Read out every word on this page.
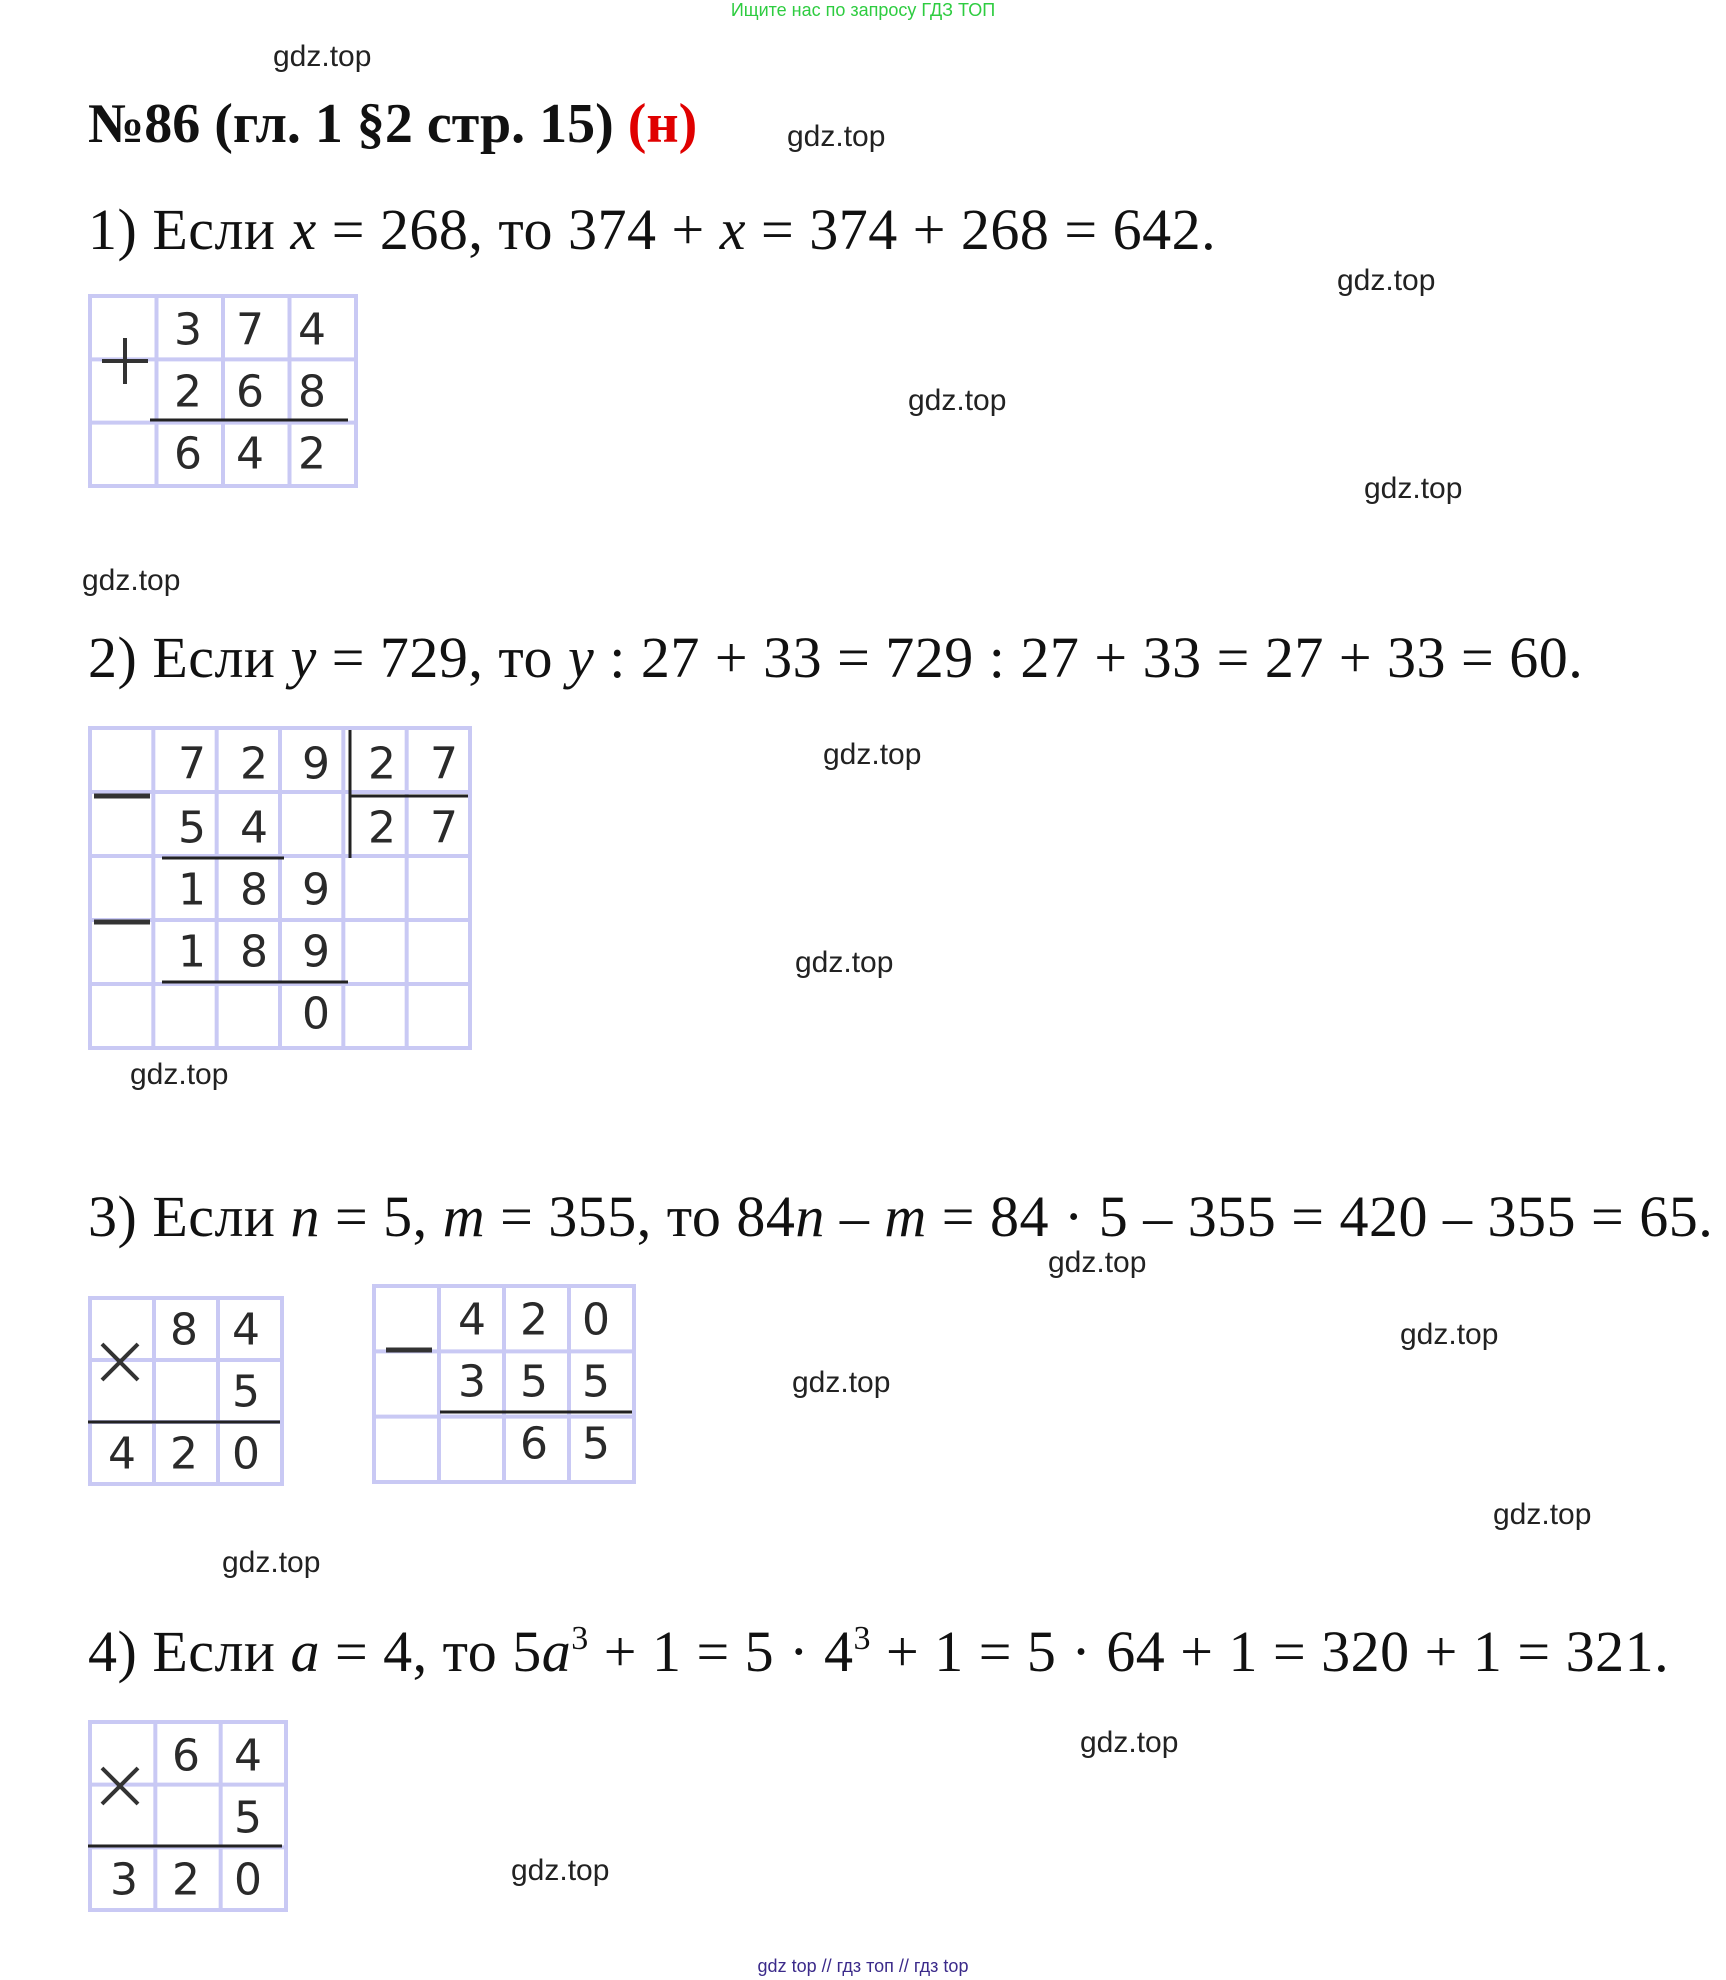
Ищите нас по запросу ГДЗ ТОП
№86 (гл. 1 §2 стр. 15) (н)
gdz.top
gdz.top
gdz.top
gdz.top
gdz.top
gdz.top
gdz.top
gdz.top
gdz.top
gdz.top
gdz.top
gdz.top
gdz.top
gdz.top
gdz.top
gdz.top
1) Если x = 268, то 374 + x = 374 + 268 = 642.
3 7 4
2 6 8
6 4 2
2) Если y = 729, то y : 27 + 33 = 729 : 27 + 33 = 27 + 33 = 60.
7 2 9 2 7
5 4 2 7
1 8 9
1 8 9
0
3) Если n = 5, m = 355, то 84n – m = 84 · 5 – 355 = 420 – 355 = 65.
8 4
5
4 2 0
4 2 0
3 5 5
6 5
4) Если a = 4, то $5a^3 + 1 = 5 \cdot 4^3 + 1 = 5 \cdot 64 + 1 = 320 + 1 = 321$.
6 4
5
3 2 0
gdz top // гдз топ // гдз top
